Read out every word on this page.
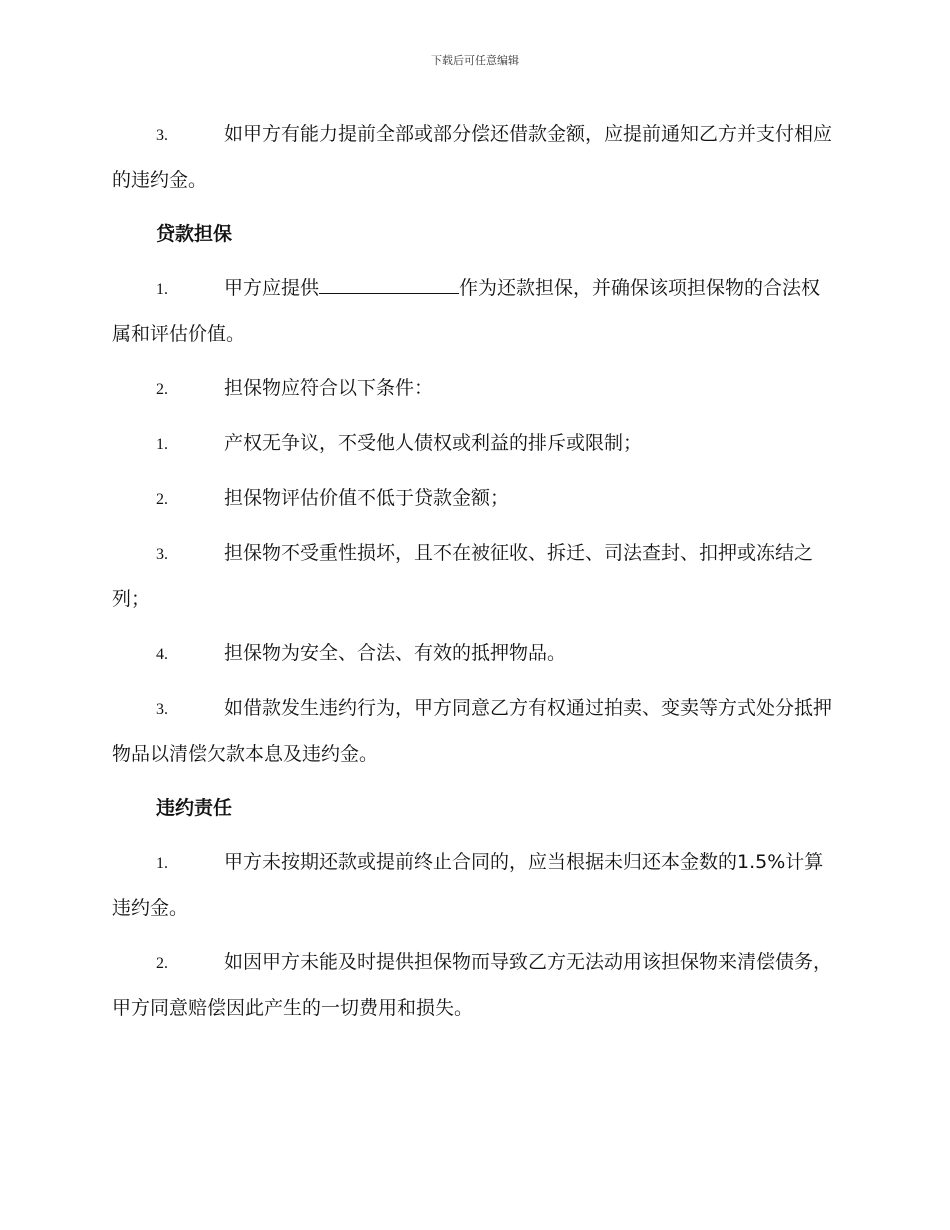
下载后可任意编辑

3.	如甲方有能力提前全部或部分偿还借款金额，应提前通知乙方并支付相应的违约金。

贷款担保

1.	甲方应提供	作为还款担保，并确保该项担保物的合法权属和评估价值。

2.	担保物应符合以下条件：

1.	产权无争议，不受他人债权或利益的排斥或限制；

2.	担保物评估价值不低于贷款金额；

3.	担保物不受重性损坏，且不在被征收、拆迁、司法查封、扣押或冻结之列；

4.	担保物为安全、合法、有效的抵押物品。

3.	如借款发生违约行为，甲方同意乙方有权通过拍卖、变卖等方式处分抵押物品以清偿欠款本息及违约金。

违约责任

1.	甲方未按期还款或提前终止合同的，应当根据未归还本金数的1.5%计算违约金。

2.	如因甲方未能及时提供担保物而导致乙方无法动用该担保物来清偿债务，甲方同意赔偿因此产生的一切费用和损失。
